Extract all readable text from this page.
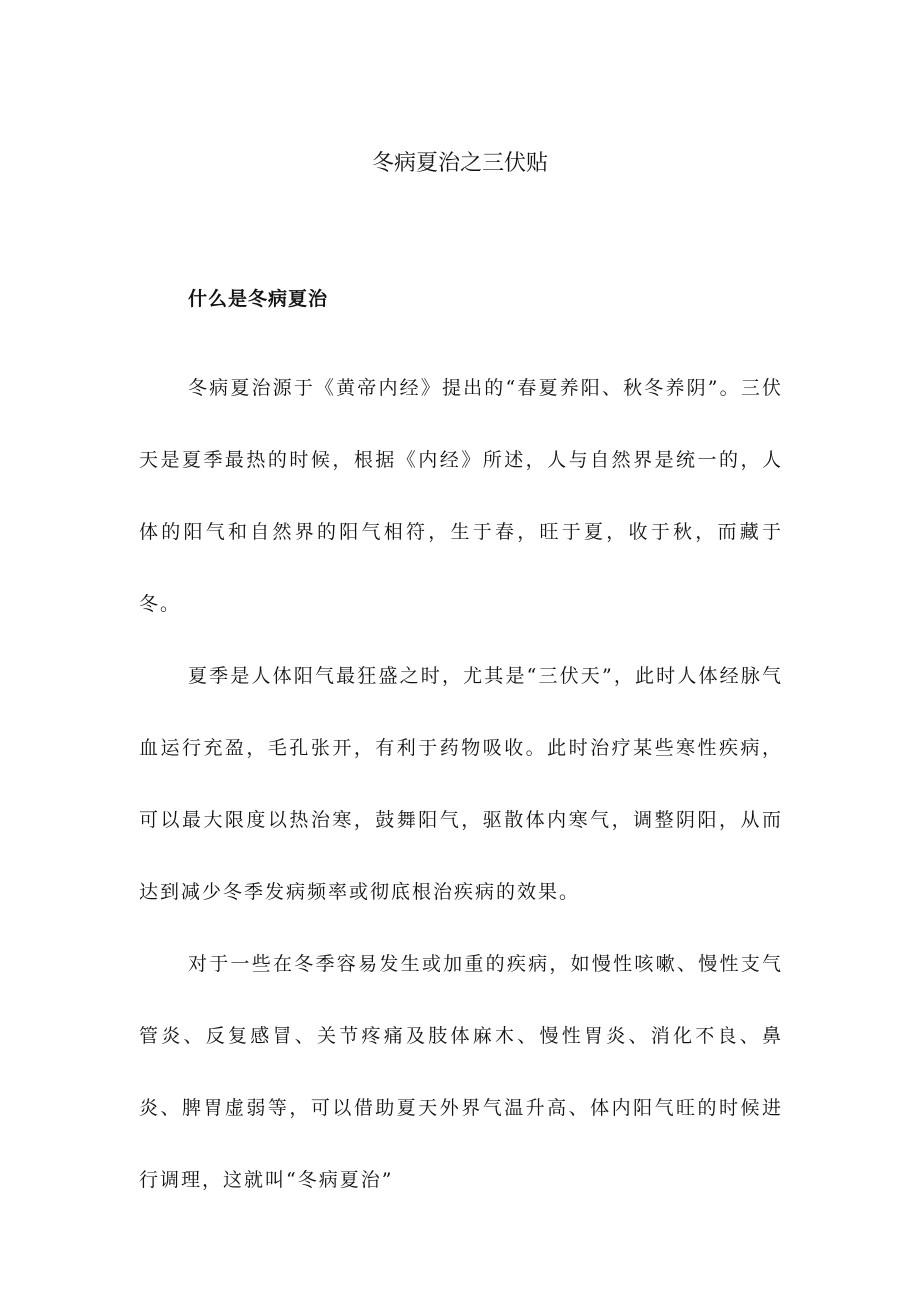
冬病夏治之三伏贴
什么是冬病夏治

冬病夏治源于《黄帝内经》提出的“春夏养阳、秋冬养阴”。三伏天是夏季最热的时候，根据《内经》所述，人与自然界是统一的，人体的阳气和自然界的阳气相符，生于春，旺于夏，收于秋，而藏于冬。

夏季是人体阳气最狂盛之时，尤其是“三伏天”，此时人体经脉气血运行充盈，毛孔张开，有利于药物吸收。此时治疗某些寒性疾病，可以最大限度以热治寒，鼓舞阳气，驱散体内寒气，调整阴阳，从而达到减少冬季发病频率或彻底根治疾病的效果。

对于一些在冬季容易发生或加重的疾病，如慢性咳嗽、慢性支气管炎、反复感冒、关节疼痛及肢体麻木、慢性胃炎、消化不良、鼻炎、脾胃虚弱等，可以借助夏天外界气温升高、体内阳气旺的时候进行调理，这就叫“冬病夏治”
